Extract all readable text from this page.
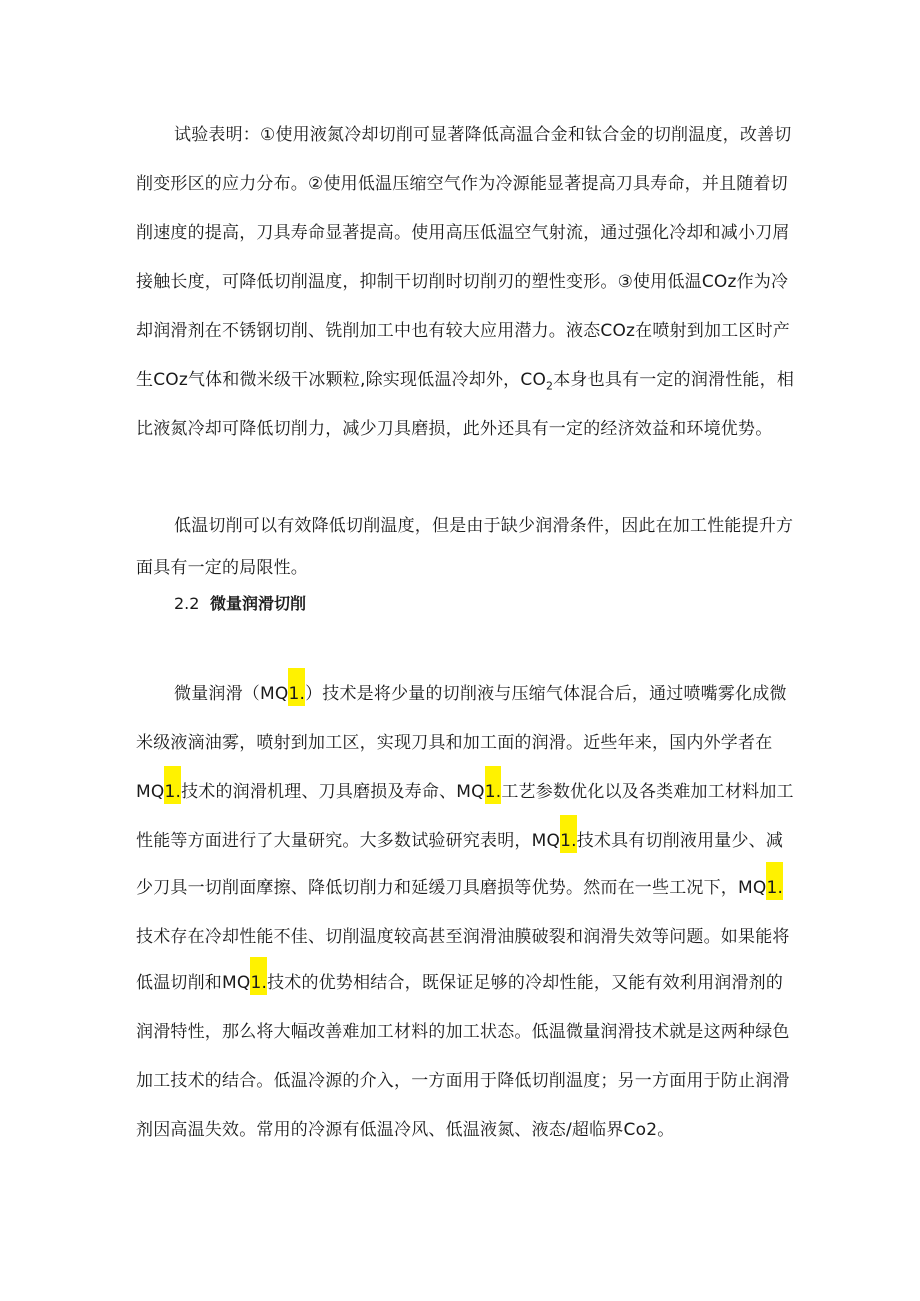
试验表明：①使用液氮冷却切削可显著降低高温合金和钛合金的切削温度，改善切
削变形区的应力分布。②使用低温压缩空气作为冷源能显著提高刀具寿命，并且随着切
削速度的提高，刀具寿命显著提高。使用高压低温空气射流，通过强化冷却和减小刀屑
接触长度，可降低切削温度，抑制干切削时切削刃的塑性变形。③使用低温COz作为冷
却润滑剂在不锈钢切削、铣削加工中也有较大应用潜力。液态COz在喷射到加工区时产
生COz气体和微米级干冰颗粒,除实现低温冷却外，$CO_2$本身也具有一定的润滑性能，相
比液氮冷却可降低切削力，减少刀具磨损，此外还具有一定的经济效益和环境优势。
低温切削可以有效降低切削温度，但是由于缺少润滑条件，因此在加工性能提升方
面具有一定的局限性。
2.2 微量润滑切削
微量润滑（MQ1.）技术是将少量的切削液与压缩气体混合后，通过喷嘴雾化成微
米级液滴油雾，喷射到加工区，实现刀具和加工面的润滑。近些年来，国内外学者在
MQ1.技术的润滑机理、刀具磨损及寿命、MQ1.工艺参数优化以及各类难加工材料加工
性能等方面进行了大量研究。大多数试验研究表明，MQ1.技术具有切削液用量少、减
少刀具一切削面摩擦、降低切削力和延缓刀具磨损等优势。然而在一些工况下，MQ1.
技术存在冷却性能不佳、切削温度较高甚至润滑油膜破裂和润滑失效等问题。如果能将
低温切削和MQ1.技术的优势相结合，既保证足够的冷却性能，又能有效利用润滑剂的
润滑特性，那么将大幅改善难加工材料的加工状态。低温微量润滑技术就是这两种绿色
加工技术的结合。低温冷源的介入，一方面用于降低切削温度；另一方面用于防止润滑
剂因高温失效。常用的冷源有低温冷风、低温液氮、液态/超临界Co2。
